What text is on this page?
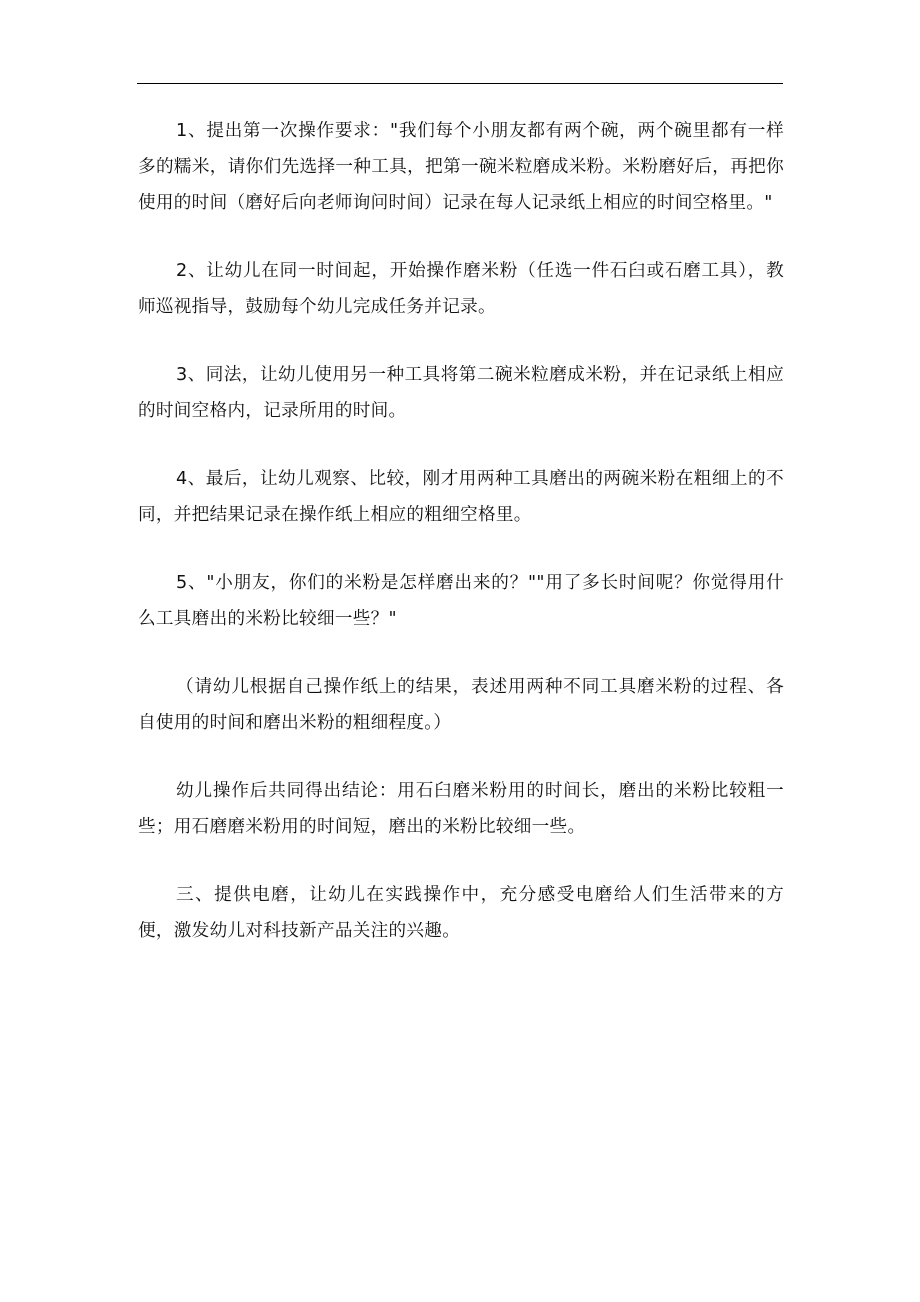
1、提出第一次操作要求："我们每个小朋友都有两个碗，两个碗里都有一样多的糯米，请你们先选择一种工具，把第一碗米粒磨成米粉。米粉磨好后，再把你使用的时间（磨好后向老师询问时间）记录在每人记录纸上相应的时间空格里。"

2、让幼儿在同一时间起，开始操作磨米粉（任选一件石臼或石磨工具），教师巡视指导，鼓励每个幼儿完成任务并记录。

3、同法，让幼儿使用另一种工具将第二碗米粒磨成米粉，并在记录纸上相应的时间空格内，记录所用的时间。

4、最后，让幼儿观察、比较，刚才用两种工具磨出的两碗米粉在粗细上的不同，并把结果记录在操作纸上相应的粗细空格里。

5、"小朋友，你们的米粉是怎样磨出来的？""用了多长时间呢？你觉得用什么工具磨出的米粉比较细一些？"

（请幼儿根据自己操作纸上的结果，表述用两种不同工具磨米粉的过程、各自使用的时间和磨出米粉的粗细程度。）

幼儿操作后共同得出结论：用石臼磨米粉用的时间长，磨出的米粉比较粗一些；用石磨磨米粉用的时间短，磨出的米粉比较细一些。

三、提供电磨，让幼儿在实践操作中，充分感受电磨给人们生活带来的方便，激发幼儿对科技新产品关注的兴趣。
